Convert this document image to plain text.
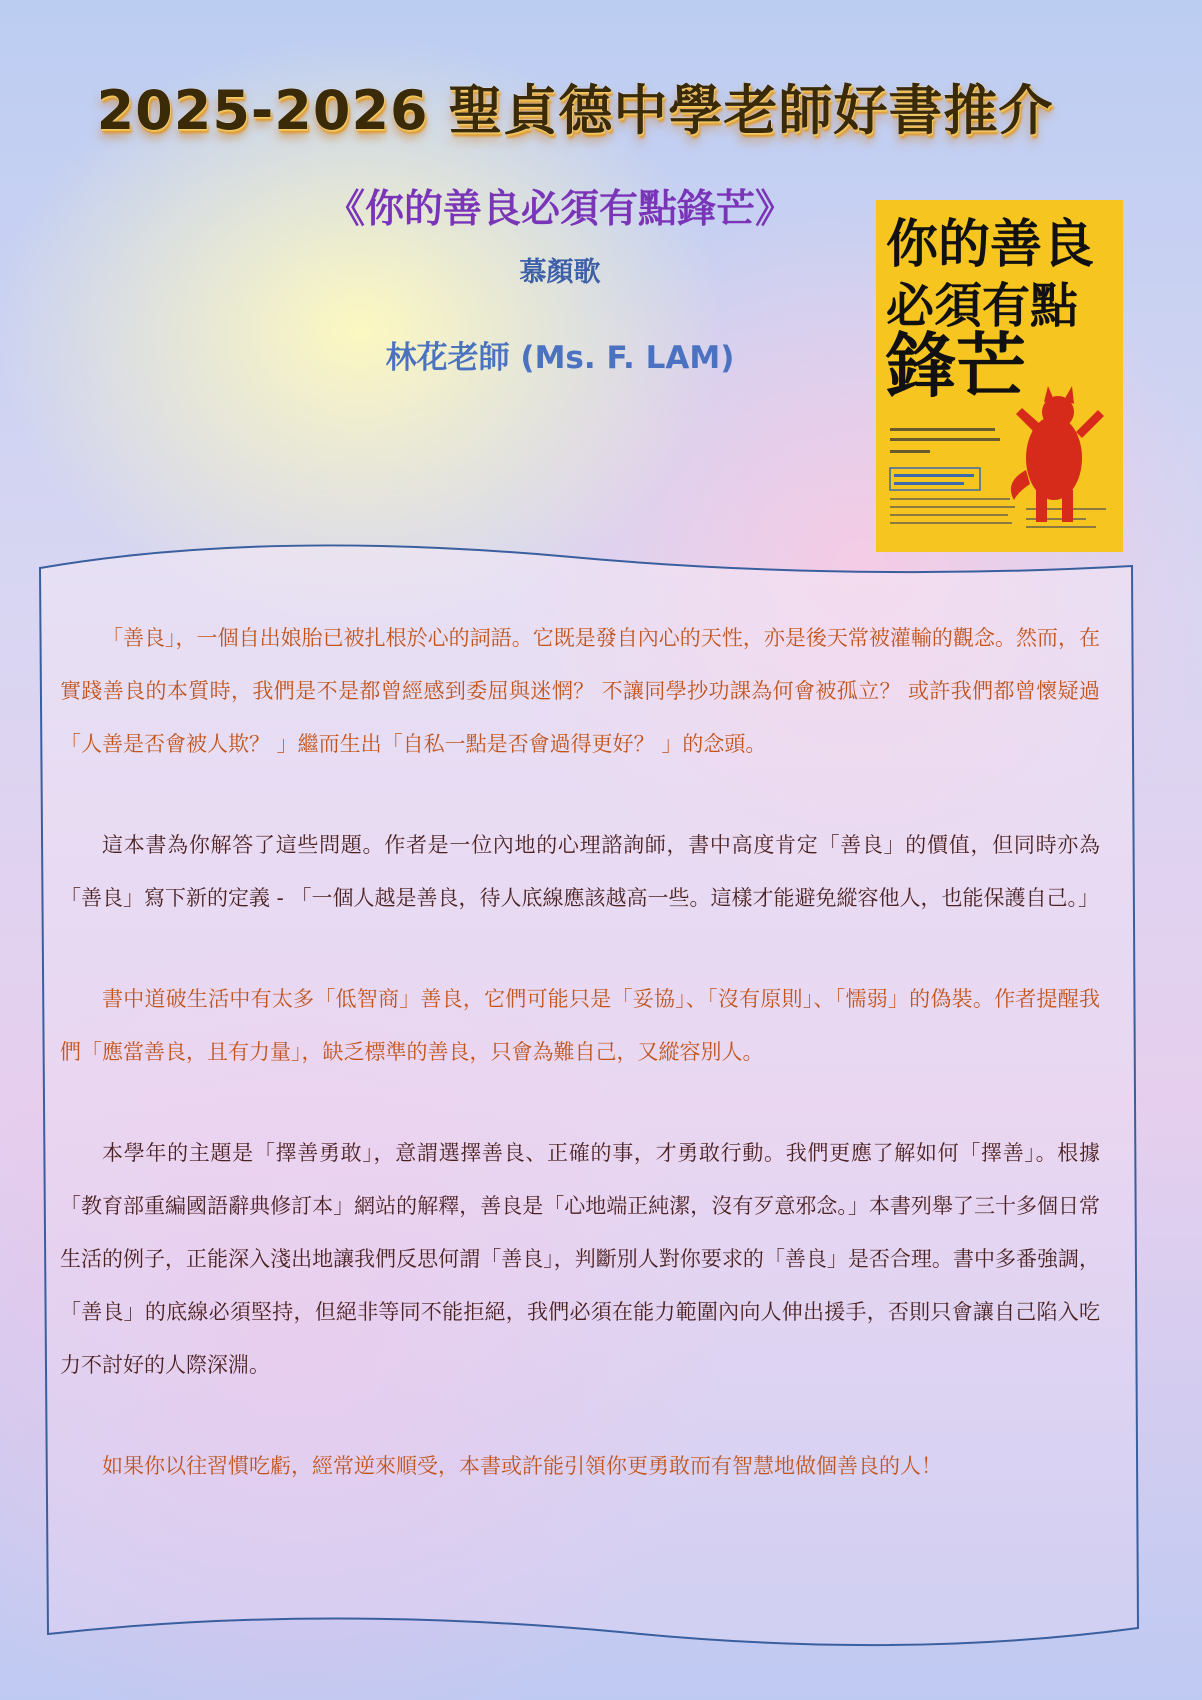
2025-2026 聖貞德中學老師好書推介
《你的善良必須有點鋒芒》
慕顏歌
林花老師 (Ms. F. LAM)
你的善良
必須有點
鋒芒

「善良」，一個自出娘胎已被扎根於心的詞語。它既是發自內心的天性，亦是後天常被灌輸的觀念。然而，在實踐善良的本質時，我們是不是都曾經感到委屈與迷惘？ 不讓同學抄功課為何會被孤立？ 或許我們都曾懷疑過「人善是否會被人欺？ 」繼而生出「自私一點是否會過得更好？ 」的念頭。

這本書為你解答了這些問題。作者是一位內地的心理諮詢師，書中高度肯定「善良」的價值，但同時亦為「善良」寫下新的定義 - 「一個人越是善良，待人底線應該越高一些。這樣才能避免縱容他人，也能保護自己。」

書中道破生活中有太多「低智商」善良，它們可能只是「妥協」、「沒有原則」、「懦弱」的偽裝。作者提醒我們「應當善良，且有力量」，缺乏標準的善良，只會為難自己，又縱容別人。

本學年的主題是「擇善勇敢」，意謂選擇善良、正確的事，才勇敢行動。我們更應了解如何「擇善」。根據「教育部重編國語辭典修訂本」網站的解釋，善良是「心地端正純潔，沒有歹意邪念。」本書列舉了三十多個日常生活的例子，正能深入淺出地讓我們反思何謂「善良」，判斷別人對你要求的「善良」是否合理。書中多番強調，「善良」的底線必須堅持，但絕非等同不能拒絕，我們必須在能力範圍內向人伸出援手，否則只會讓自己陷入吃力不討好的人際深淵。

如果你以往習慣吃虧，經常逆來順受，本書或許能引領你更勇敢而有智慧地做個善良的人！
